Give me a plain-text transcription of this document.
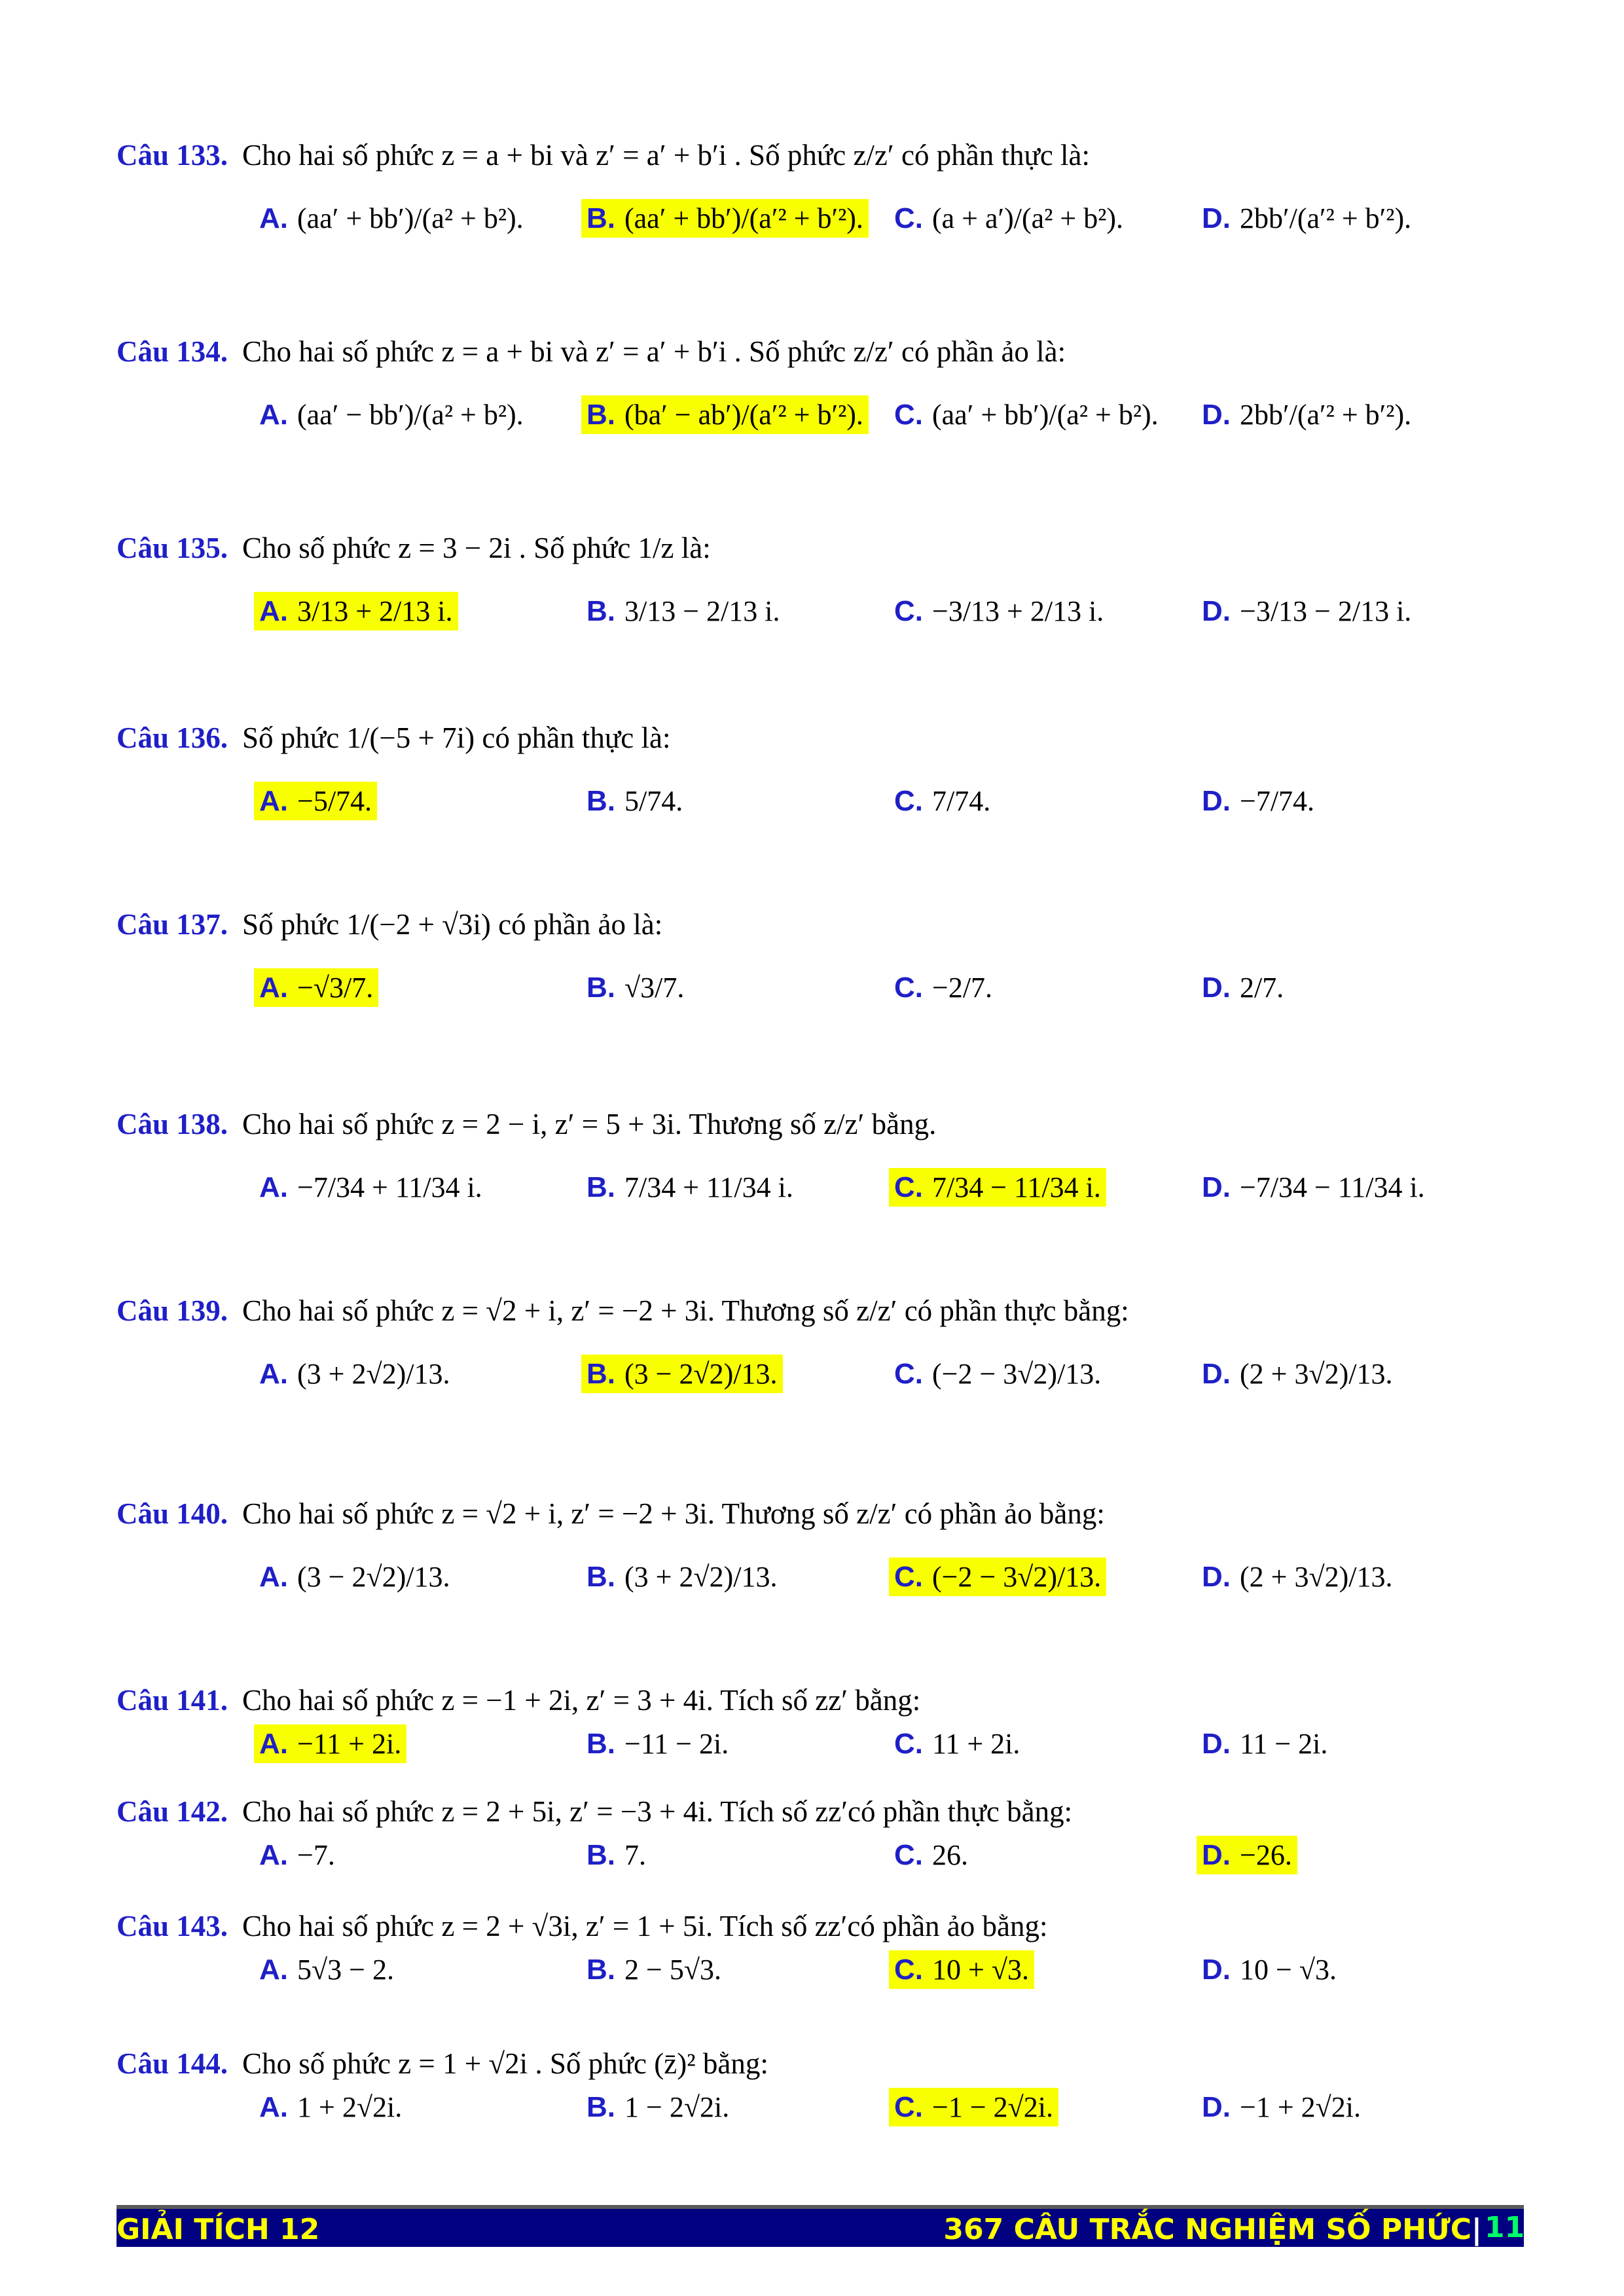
Câu 133. Cho hai số phức z = a + bi và z′ = a′ + b′i . Số phức z/z′ có phần thực là:
A. (aa′ + bb′)/(a² + b²). B. (aa′ + bb′)/(a′² + b′²). C. (a + a′)/(a² + b²).	D. 2bb′/(a′² + b′²).
Câu 134. Cho hai số phức z = a + bi và z′ = a′ + b′i . Số phức z/z′ có phần ảo là:
A. (aa′ − bb′)/(a² + b²). B. (ba′ − ab′)/(a′² + b′²). C. (aa′ + bb′)/(a² + b²). D. 2bb′/(a′² + b′²).
Câu 135. Cho số phức z = 3 − 2i . Số phức 1/z là:
A. 3/13 + 2/13 i.	B. 3/13 − 2/13 i.	C. −3/13 + 2/13 i.	D. −3/13 − 2/13 i.
Câu 136. Số phức 1/(−5 + 7i) có phần thực là:
A. −5/74.	B. 5/74.	C. 7/74.	D. −7/74.
Câu 137. Số phức 1/(−2 + √3i) có phần ảo là:
A. −√3/7.	B. √3/7.	C. −2/7.	D. 2/7.
Câu 138. Cho hai số phức z = 2 − i, z′ = 5 + 3i. Thương số z/z′ bằng.
A. −7/34 + 11/34 i.	B. 7/34 + 11/34 i.	C. 7/34 − 11/34 i.	D. −7/34 − 11/34 i.
Câu 139. Cho hai số phức z = √2 + i, z′ = −2 + 3i. Thương số z/z′ có phần thực bằng:
A. (3 + 2√2)/13.	B. (3 − 2√2)/13.	C. (−2 − 3√2)/13.	D. (2 + 3√2)/13.
Câu 140. Cho hai số phức z = √2 + i, z′ = −2 + 3i. Thương số z/z′ có phần ảo bằng:
A. (3 − 2√2)/13.	B. (3 + 2√2)/13.	C. (−2 − 3√2)/13.	D. (2 + 3√2)/13.
Câu 141. Cho hai số phức z = −1 + 2i, z′ = 3 + 4i. Tích số zz′ bằng:
A. −11 + 2i.	B. −11 − 2i.	C. 11 + 2i.	D. 11 − 2i.
Câu 142. Cho hai số phức z = 2 + 5i, z′ = −3 + 4i. Tích số zz′có phần thực bằng:
A. −7.	B. 7.	C. 26.	D. −26.
Câu 143. Cho hai số phức z = 2 + √3i, z′ = 1 + 5i. Tích số zz′có phần ảo bằng:
A. 5√3 − 2.	B. 2 − 5√3.	C. 10 + √3.	D. 10 − √3.
Câu 144. Cho số phức z = 1 + √2i . Số phức (z̄)² bằng:
A. 1 + 2√2i.	B. 1 − 2√2i.	C. −1 − 2√2i.	D. −1 + 2√2i.
GIẢI TÍCH 12	367 CÂU TRẮC NGHIỆM SỐ PHỨC | 11
